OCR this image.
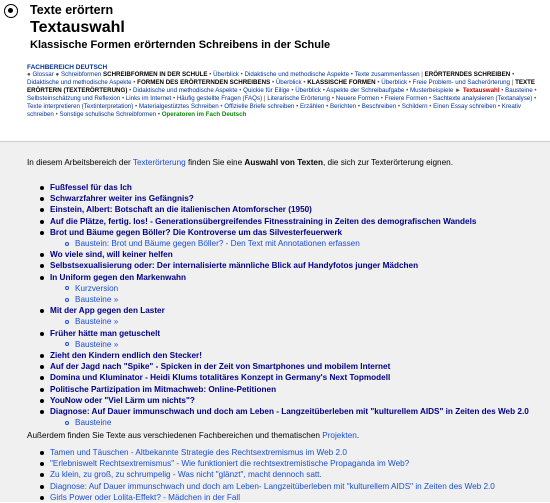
Texte erörtern
Textauswahl
Klassische Formen erörternden Schreibens in der Schule
FACHBEREICH DEUTSCH
● Glossar ● Schreibformen SCHREIBFORMEN IN DER SCHULE • Überblick • Didaktische und methodische Aspekte • Texte zusammenfassen | ERÖRTERNDES SCHREIBEN • Didaktische und methodische Aspekte • FORMEN DES ERÖRTERNDEN SCHREIBENS • Überblick • KLASSISCHE FORMEN • Überblick • Freie Problem- und Sacherörterung | TEXTE ERÖRTERN (TEXTERÖRTERUNG) • Didaktische und methodische Aspekte • Quickie für Eilige • Überblick • Aspekte der Schreibaufgabe • Musterbeispiele ► Textauswahl • Bausteine • Selbsteinschätzung und Reflexion • Links im Internet • Häufig gestellte Fragen (FAQs) | Literarische Erörterung • Neuere Formen • Freiere Formen • Sachtexte analysieren (Textanalyse) • Texte interpretieren (Textinterpretation) • Materialgestütztes Schreiben • Offizielle Briefe schreiben • Erzählen • Berichten • Beschreiben • Schildern • Einen Essay schreiben • Kreativ schreiben • Sonstige schulische Schreibformen • Operatoren im Fach Deutsch
In diesem Arbeitsbereich der Texterörterung finden Sie eine Auswahl von Texten, die sich zur Texterörterung eignen.
Fußfessel für das Ich
Schwarzfahrer weiter ins Gefängnis?
Einstein, Albert: Botschaft an die italienischen Atomforscher (1950)
Auf die Plätze, fertig. los! - Generationsübergreifendes Fitnesstraining in Zeiten des demografischen Wandels
Brot und Bäume gegen Böller? Die Kontroverse um das Silvesterfeuerwerk
Baustein: Brot und Bäume gegen Böller? - Den Text mit Annotationen erfassen
Wo viele sind, will keiner helfen
Selbstsexualisierung oder: Der internalisierte männliche Blick auf Handyfotos junger Mädchen
In Uniform gegen den Markenwahn
Kurzversion
Bausteine »
Mit der App gegen den Laster
Bausteine »
Früher hätte man getuschelt
Bausteine »
Zieht den Kindern endlich den Stecker!
Auf der Jagd nach "Spike" - Spicken in der Zeit von Smartphones und mobilem Internet
Domina und Kluminator - Heidi Klums totalitäres Konzept in Germany's Next Topmodell
Politische Partizipation im Mitmachweb: Online-Petitionen
YouNow oder "Viel Lärm um nichts"?
Diagnose: Auf Dauer immunschwach und doch am Leben - Langzeitüberleben mit "kulturellem AIDS" in Zeiten des Web 2.0
Bausteine
Außerdem finden Sie Texte aus verschiedenen Fachbereichen und thematischen Projekten.
Tamen und Täuschen - Altbekannte Strategie des Rechtsextremismus im Web 2.0
"Erlebniswelt Rechtsextremismus" - Wie funktioniert die rechtsextremistische Propaganda im Web?
Zu klein, zu groß, zu schrumpelig - Was nicht "glänzt", macht dennoch satt.
Diagnose: Auf Dauer immunschwach und doch am Leben- Langzeitüberleben mit "kulturellem AIDS" in Zeiten des Web 2.0
Girls Power oder Lolita-Effekt? - Mädchen in der Fall
